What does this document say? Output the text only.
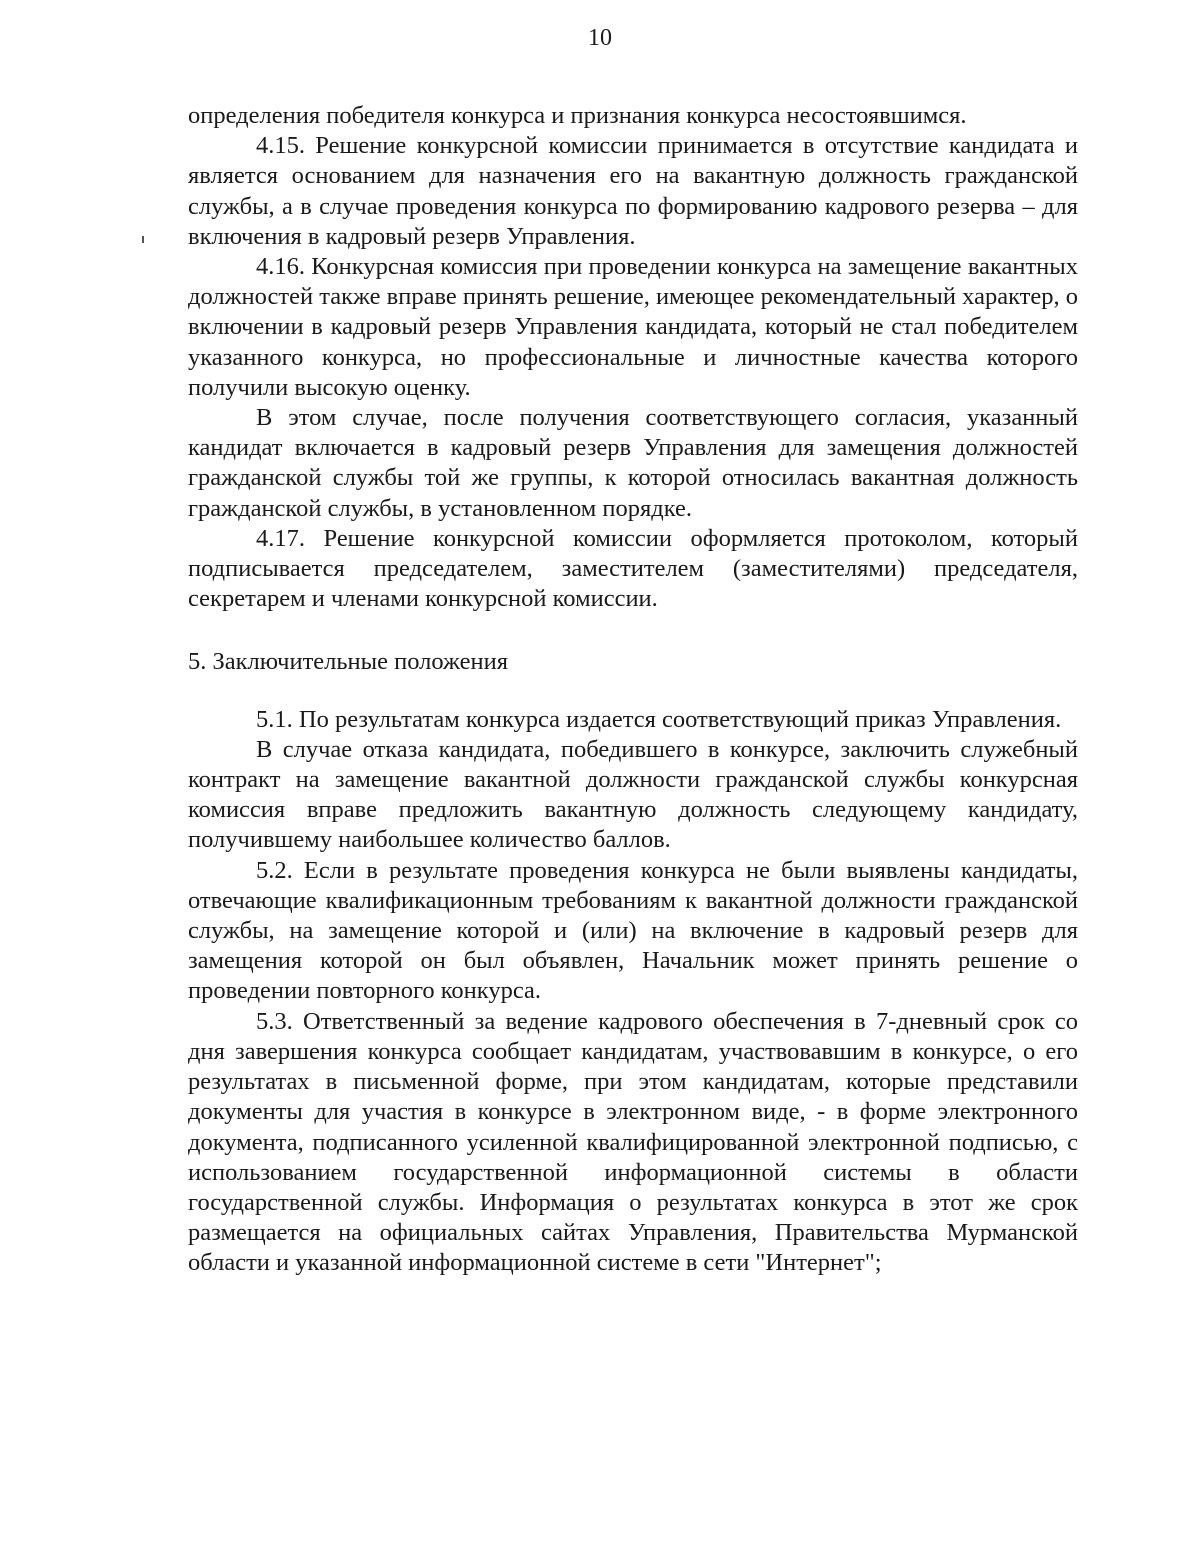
10

определения победителя конкурса и признания конкурса несостоявшимся.

4.15. Решение конкурсной комиссии принимается в отсутствие кандидата и является основанием для назначения его на вакантную должность гражданской службы, а в случае проведения конкурса по формированию кадрового резерва – для включения в кадровый резерв Управления.

4.16. Конкурсная комиссия при проведении конкурса на замещение вакантных должностей также вправе принять решение, имеющее рекомендательный характер, о включении в кадровый резерв Управления кандидата, который не стал победителем указанного конкурса, но профессиональные и личностные качества которого получили высокую оценку.

В этом случае, после получения соответствующего согласия, указанный кандидат включается в кадровый резерв Управления для замещения должностей гражданской службы той же группы, к которой относилась вакантная должность гражданской службы, в установленном порядке.

4.17. Решение конкурсной комиссии оформляется протоколом, который подписывается председателем, заместителем (заместителями) председателя, секретарем и членами конкурсной комиссии.

5. Заключительные положения

5.1. По результатам конкурса издается соответствующий приказ Управления.

В случае отказа кандидата, победившего в конкурсе, заключить служебный контракт на замещение вакантной должности гражданской службы конкурсная комиссия вправе предложить вакантную должность следующему кандидату, получившему наибольшее количество баллов.

5.2. Если в результате проведения конкурса не были выявлены кандидаты, отвечающие квалификационным требованиям к вакантной должности гражданской службы, на замещение которой и (или) на включение в кадровый резерв для замещения которой он был объявлен, Начальник может принять решение о проведении повторного конкурса.

5.3. Ответственный за ведение кадрового обеспечения в 7-дневный срок со дня завершения конкурса сообщает кандидатам, участвовавшим в конкурсе, о его результатах в письменной форме, при этом кандидатам, которые представили документы для участия в конкурсе в электронном виде, - в форме электронного документа, подписанного усиленной квалифицированной электронной подписью, с использованием государственной информационной системы в области государственной службы. Информация о результатах конкурса в этот же срок размещается на официальных сайтах Управления, Правительства Мурманской области и указанной информационной системе в сети "Интернет";
